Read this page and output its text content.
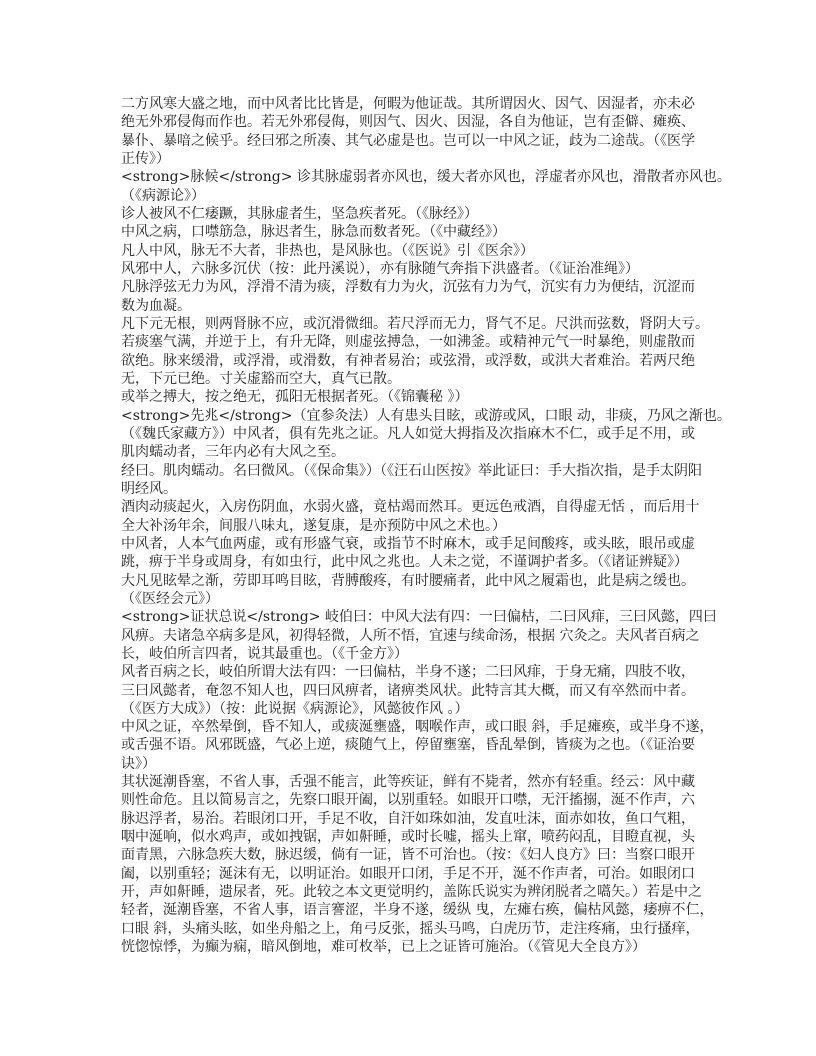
二方风寒大盛之地，而中风者比比皆是，何暇为他证哉。其所谓因火、因气、因湿者，亦未必
绝无外邪侵侮而作也。若无外邪侵侮，则因气、因火、因湿，各自为他证，岂有歪僻、瘫痪、
暴仆、暴喑之候乎。经曰邪之所凑、其气必虚是也。岂可以一中风之证，歧为二途哉。（《医学
正传》）
<strong>脉候</strong> 诊其脉虚弱者亦风也，缓大者亦风也，浮虚者亦风也，滑散者亦风也。
（《病源论》）
诊人被风不仁痿蹶，其脉虚者生，坚急疾者死。（《脉经》）
中风之病，口噤筋急，脉迟者生，脉急而数者死。（《中藏经》）
凡人中风，脉无不大者，非热也，是风脉也。（《医说》引《医余》）
风邪中人，六脉多沉伏（按：此丹溪说），亦有脉随气奔指下洪盛者。（《证治准绳》）
凡脉浮弦无力为风，浮滑不清为痰，浮数有力为火，沉弦有力为气，沉实有力为便结，沉涩而
数为血凝。
凡下元无根，则两肾脉不应，或沉滑微细。若尺浮而无力，肾气不足。尺洪而弦数，肾阴大亏。
若痰塞气满，并逆于上，有升无降，则虚弦搏急，一如沸釜。或精神元气一时暴绝，则虚散而
欲绝。脉来缓滑，或浮滑，或滑数，有神者易治；或弦滑，或浮数，或洪大者难治。若两尺绝
无，下元已绝。寸关虚豁而空大，真气已散。
或举之搏大，按之绝无，孤阳无根据者死。（《锦囊秘 》）
<strong>先兆</strong>（宜参灸法）人有患头目眩，或游或风，口眼 动，非痰，乃风之渐也。
（《魏氏家藏方》）中风者，俱有先兆之证。凡人如觉大拇指及次指麻木不仁，或手足不用，或
肌肉蠕动者，三年内必有大风之至。
经曰。肌肉蠕动。名曰微风。（《保命集》）（《汪石山医按》举此证曰：手大指次指，是手太阴阳
明经风。
酒肉动痰起火，入房伤阴血，水弱火盛，竟枯竭而然耳。更远色戒酒，自得虚无恬 ，而后用十
全大补汤年余，间服八味丸，遂复康，是亦预防中风之术也。）
中风者，人本气血两虚，或有形盛气衰，或指节不时麻木，或手足间酸疼，或头眩，眼吊或虚
跳，痹于半身或周身，有如虫行，此中风之兆也。人未之觉，不谨调护者多。（《诸证辨疑》）
大凡见眩晕之渐，劳即耳鸣目眩，背膊酸疼，有时腰痛者，此中风之履霜也，此是病之缓也。
（《医经会元》）
<strong>证状总说</strong> 岐伯曰：中风大法有四：一曰偏枯，二曰风痱，三曰风懿，四曰
风痹。夫诸急卒病多是风，初得轻微，人所不悟，宜速与续命汤，根据 穴灸之。夫风者百病之
长，岐伯所言四者，说其最重也。（《千金方》）
风者百病之长，岐伯所谓大法有四：一曰偏枯，半身不遂；二曰风痱，于身无痛，四肢不收，
三曰风懿者，奄忽不知人也，四曰风痹者，诸痹类风状。此特言其大概，而又有卒然而中者。
（《医方大成》）（按：此说据《病源论》，风懿彼作风 。）
中风之证，卒然晕倒，昏不知人，或痰涎壅盛，咽喉作声，或口眼 斜，手足瘫痪，或半身不遂，
或舌强不语。风邪既盛，气必上逆，痰随气上，停留壅塞，昏乱晕倒，皆痰为之也。（《证治要
诀》）
其状涎潮昏塞，不省人事，舌强不能言，此等疾证，鲜有不毙者，然亦有轻重。经云：风中藏
则性命危。且以简易言之，先察口眼开阖，以别重轻。如眼开口噤，无汗搐搦，涎不作声，六
脉迟浮者，易治。若眼闭口开，手足不收，自汗如珠如油，发直吐沫，面赤如妆，鱼口气粗，
咽中涎响，似水鸡声，或如拽锯，声如鼾睡，或时长嘘，摇头上窜，喷药闷乱，目瞪直视，头
面青黑，六脉急疾大数，脉迟缓，倘有一证，皆不可治也。（按：《妇人良方》曰：当察口眼开
阖，以别重轻；涎沫有无，以明证治。如眼开口闭，手足不开，涎不作声者，可治。如眼闭口
开，声如鼾睡，遗尿者，死。此较之本文更觉明约，盖陈氏说实为辨闭脱者之嚆矢。）若是中之
轻者，涎潮昏塞，不省人事，语言謇涩，半身不遂，缓纵 曳，左瘫右痪，偏枯风懿，痿痹不仁，
口眼 斜，头痛头眩，如坐舟船之上，角弓反张，摇头马鸣，白虎历节，走注疼痛，虫行搔痒，
恍惚惊悸，为癫为痫，暗风倒地，难可枚举，已上之证皆可施治。（《管见大全良方》）
